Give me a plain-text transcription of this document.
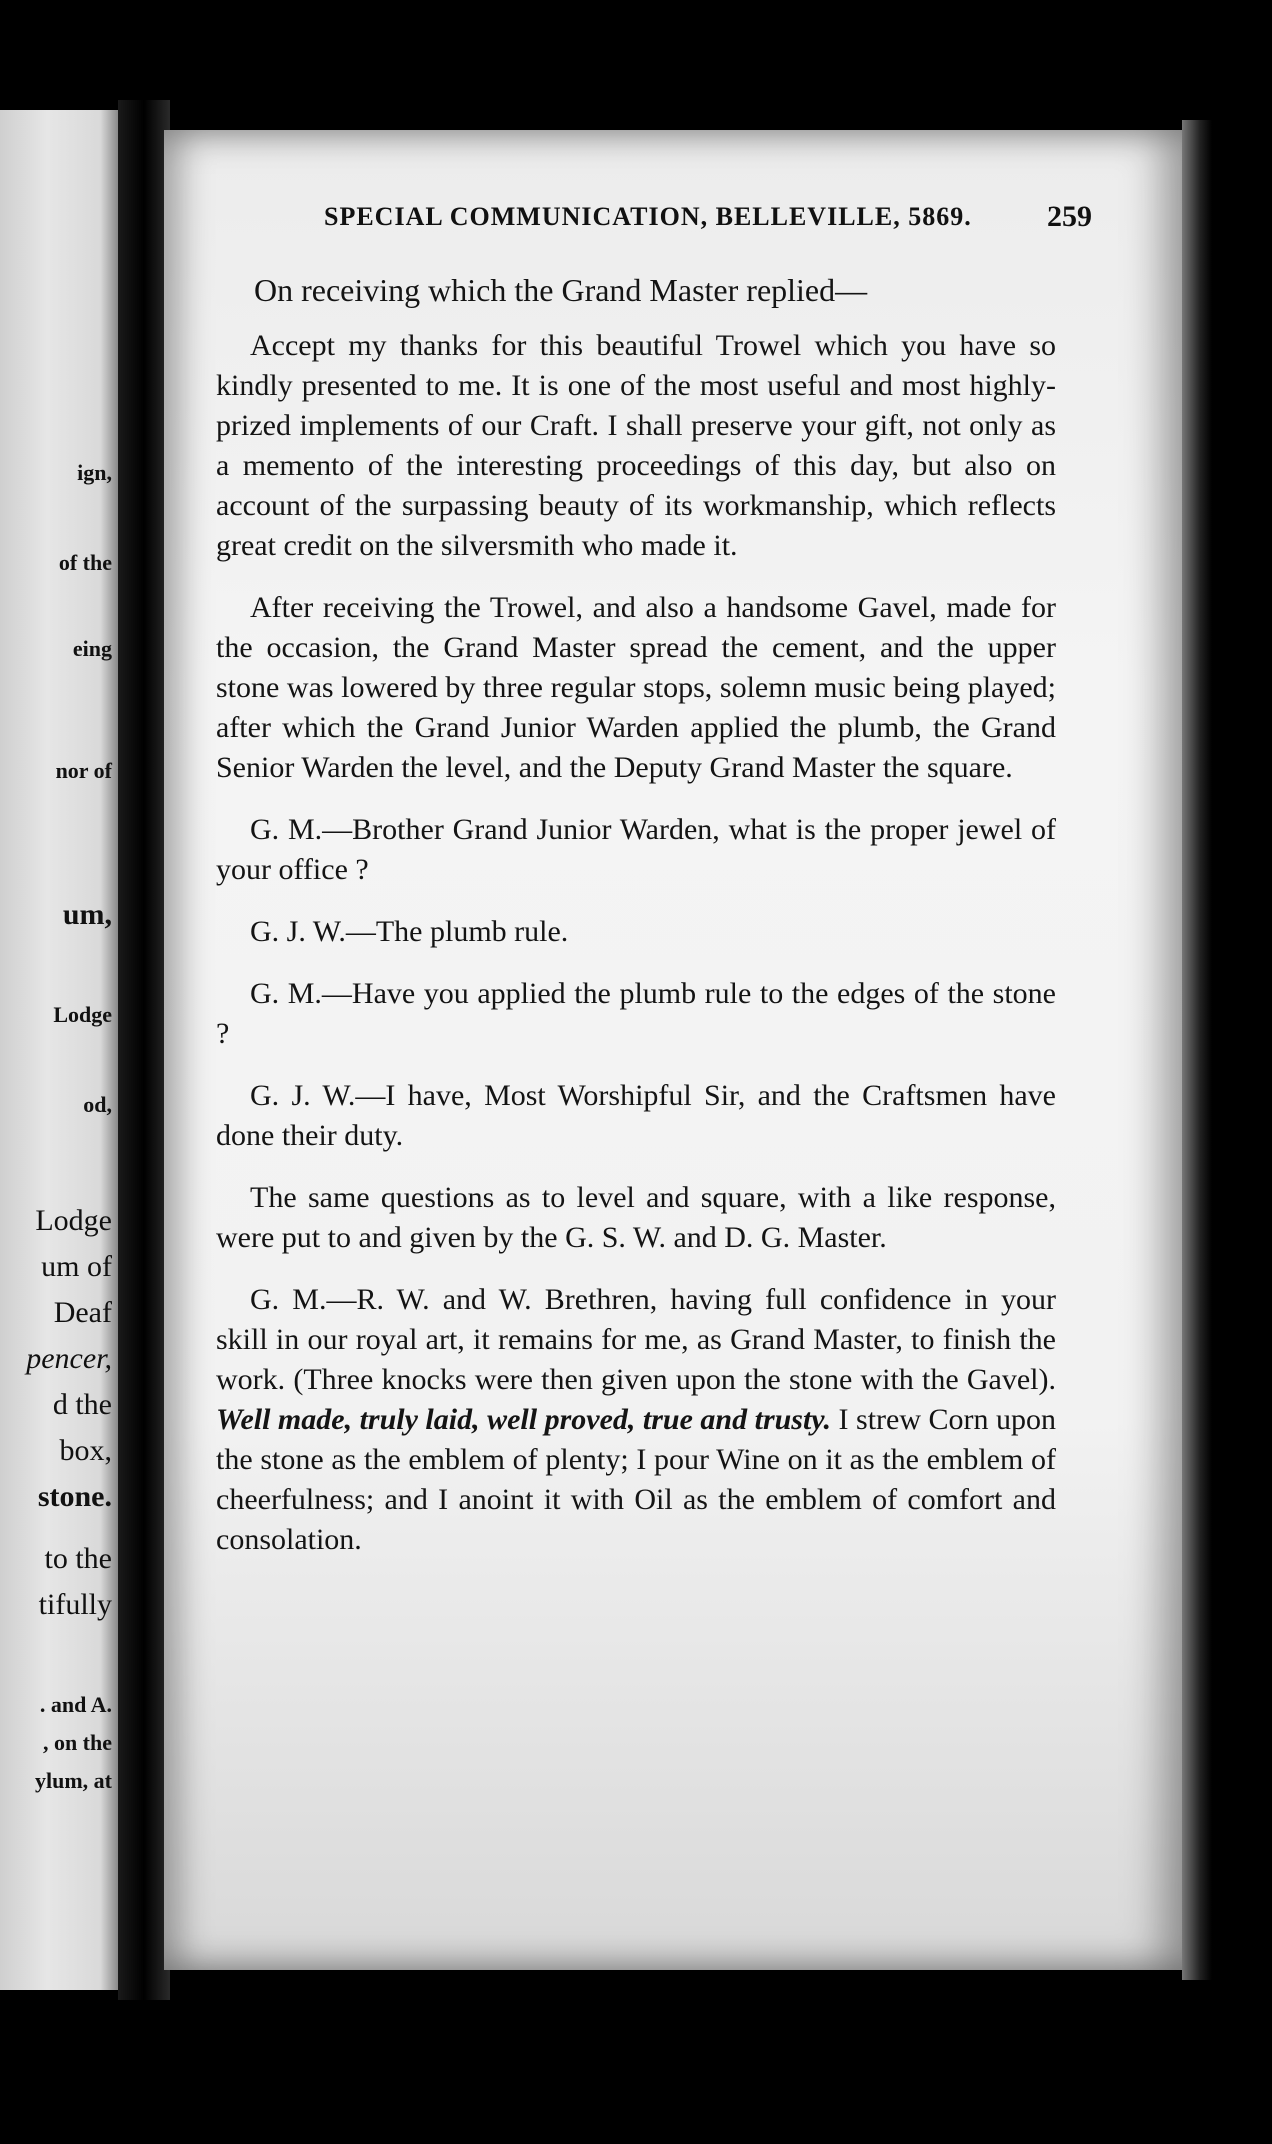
ign,
of the
eing
nor of
um,
Lodge
od,
Lodge
um of
Deaf
pencer,
d the
box,
stone.
to the
tifully
. and A.
, on the
ylum, at
SPECIAL COMMUNICATION, BELLEVILLE, 5869.	259

On receiving which the Grand Master replied—

Accept my thanks for this beautiful Trowel which you have so kindly presented to me. It is one of the most useful and most highly-prized implements of our Craft. I shall preserve your gift, not only as a memento of the interesting proceedings of this day, but also on account of the surpassing beauty of its workmanship, which reflects great credit on the silversmith who made it.

After receiving the Trowel, and also a handsome Gavel, made for the occasion, the Grand Master spread the cement, and the upper stone was lowered by three regular stops, solemn music being played; after which the Grand Junior Warden applied the plumb, the Grand Senior Warden the level, and the Deputy Grand Master the square.

G. M.—Brother Grand Junior Warden, what is the proper jewel of your office ?

G. J. W.—The plumb rule.

G. M.—Have you applied the plumb rule to the edges of the stone ?

G. J. W.—I have, Most Worshipful Sir, and the Craftsmen have done their duty.

The same questions as to level and square, with a like response, were put to and given by the G. S. W. and D. G. Master.

G. M.—R. W. and W. Brethren, having full confidence in your skill in our royal art, it remains for me, as Grand Master, to finish the work. (Three knocks were then given upon the stone with the Gavel). Well made, truly laid, well proved, true and trusty. I strew Corn upon the stone as the emblem of plenty; I pour Wine on it as the emblem of cheerfulness; and I anoint it with Oil as the emblem of comfort and consolation.
